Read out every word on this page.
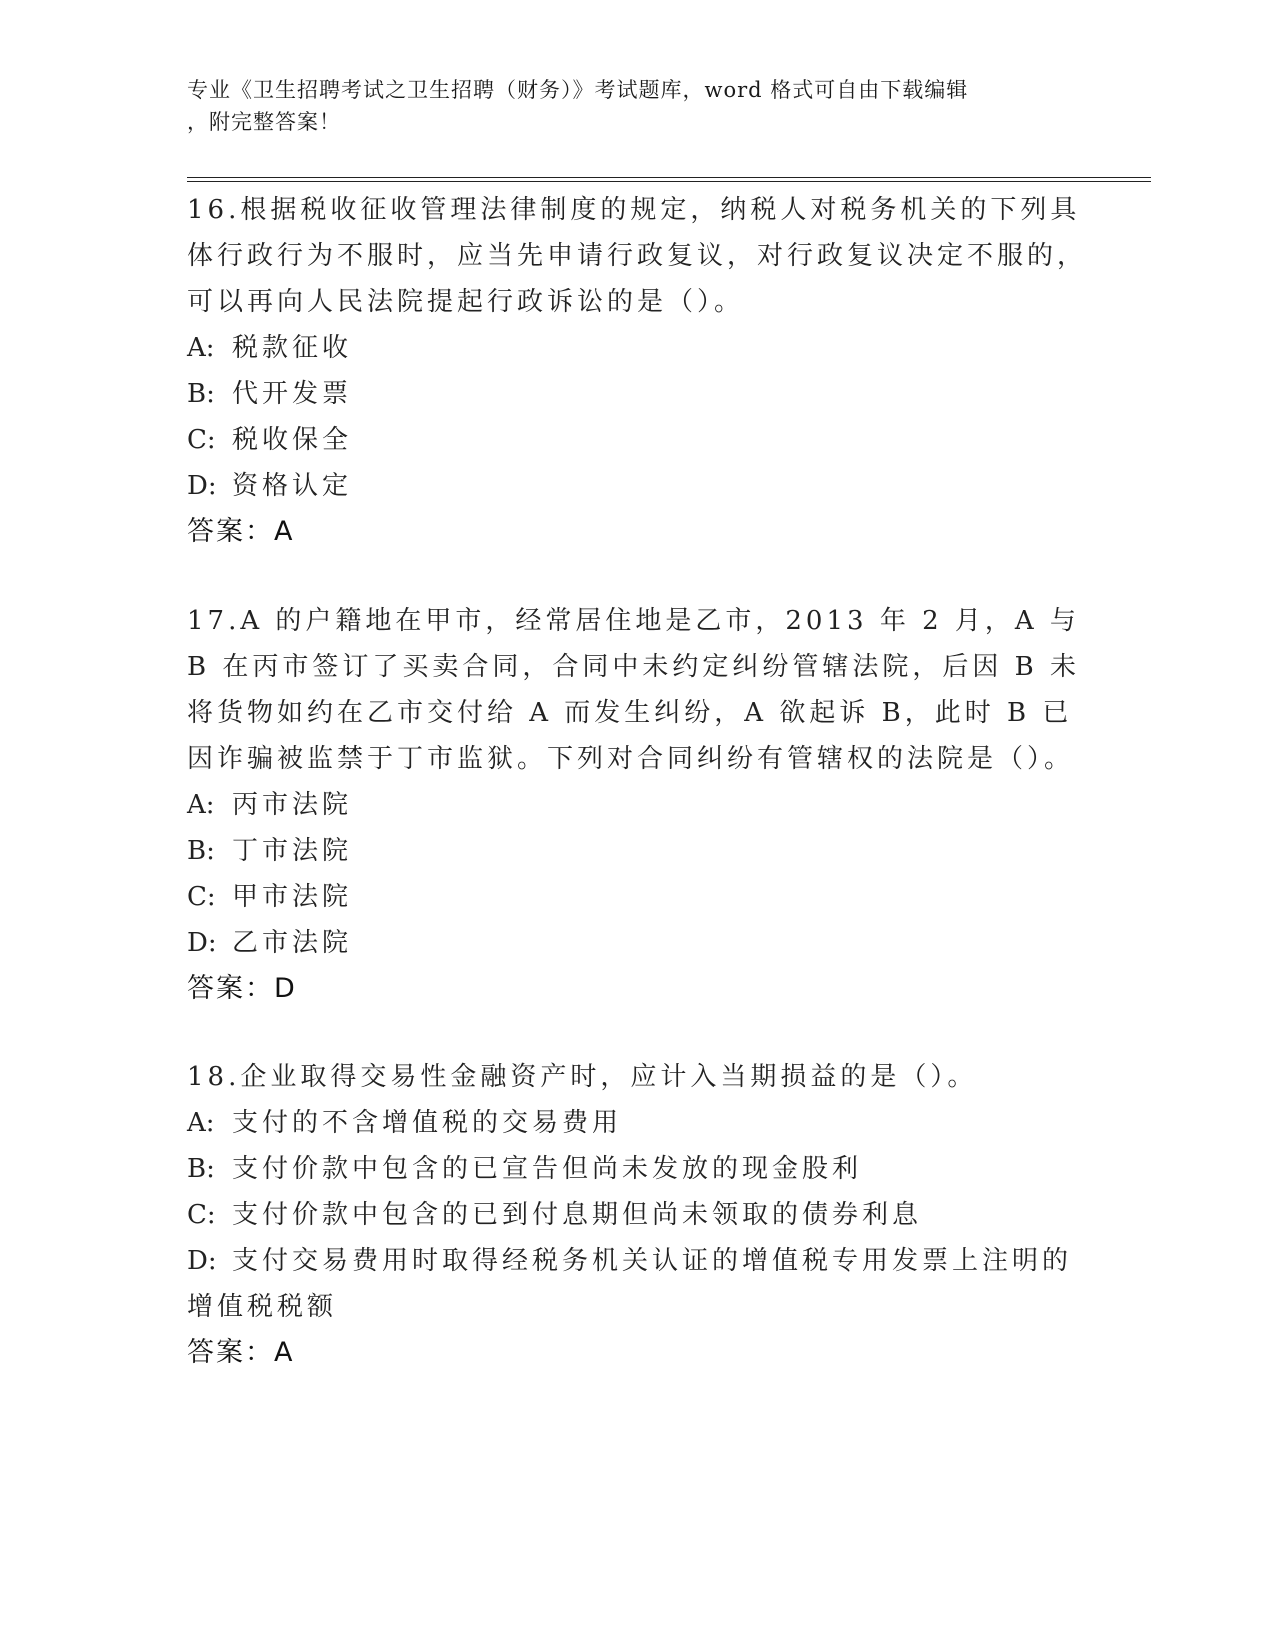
专业《卫生招聘考试之卫生招聘（财务）》考试题库，word 格式可自由下载编辑
，附完整答案！

16.根据税收征收管理法律制度的规定，纳税人对税务机关的下列具体行政行为不服时，应当先申请行政复议，对行政复议决定不服的，可以再向人民法院提起行政诉讼的是（）。

A: 税款征收

B: 代开发票

C: 税收保全

D: 资格认定

答案：A

17.A 的户籍地在甲市，经常居住地是乙市，2013 年 2 月，A 与 B 在丙市签订了买卖合同，合同中未约定纠纷管辖法院，后因 B 未将货物如约在乙市交付给 A 而发生纠纷，A 欲起诉 B，此时 B 已因诈骗被监禁于丁市监狱。下列对合同纠纷有管辖权的法院是（）。

A: 丙市法院

B: 丁市法院

C: 甲市法院

D: 乙市法院

答案：D

18.企业取得交易性金融资产时，应计入当期损益的是（）。

A: 支付的不含增值税的交易费用

B: 支付价款中包含的已宣告但尚未发放的现金股利

C: 支付价款中包含的已到付息期但尚未领取的债券利息

D: 支付交易费用时取得经税务机关认证的增值税专用发票上注明的增值税税额

答案：A
